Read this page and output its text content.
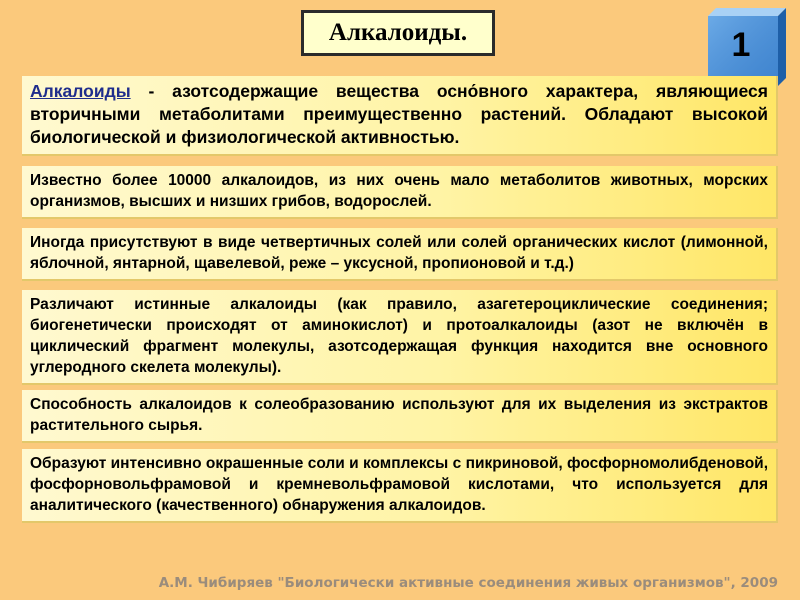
Алкалоиды.	1
Алкалоиды - азотсодержащие вещества осно́вного характера, являющиеся вторичными метаболитами преимущественно растений. Обладают высокой биологической и физиологической активностью.
Известно более 10000 алкалоидов, из них очень мало метаболитов животных, морских организмов, высших и низших грибов, водорослей.
Иногда присутствуют в виде четвертичных солей или солей органических кислот (лимонной, яблочной, янтарной, щавелевой, реже – уксусной, пропионовой и т.д.)
Различают истинные алкалоиды (как правило, азагетероциклические соединения; биогенетически происходят от аминокислот) и протоалкалоиды (азот не включён в циклический фрагмент молекулы, азотсодержащая функция находится вне основного углеродного скелета молекулы).
Способность алкалоидов к солеобразованию используют для их выделения из экстрактов растительного сырья.
Образуют интенсивно окрашенные соли и комплексы с пикриновой, фосфорномолибденовой, фосфорновольфрамовой и кремневольфрамовой кислотами, что используется для аналитического (качественного) обнаружения алкалоидов.
А.М. Чибиряев "Биологически активные соединения живых организмов", 2009
